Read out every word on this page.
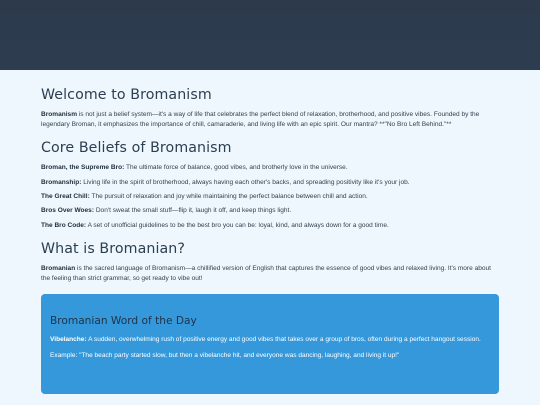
Welcome to Bromanism

Bromanism is not just a belief system—it's a way of life that celebrates the perfect blend of relaxation, brotherhood, and positive vibes. Founded by the legendary Broman, it emphasizes the importance of chill, camaraderie, and living life with an epic spirit. Our mantra? **"No Bro Left Behind."**

Core Beliefs of Bromanism
Broman, the Supreme Bro: The ultimate force of balance, good vibes, and brotherly love in the universe.
Bromanship: Living life in the spirit of brotherhood, always having each other's backs, and spreading positivity like it's your job.
The Great Chill: The pursuit of relaxation and joy while maintaining the perfect balance between chill and action.
Bros Over Woes: Don't sweat the small stuff—flip it, laugh it off, and keep things light.
The Bro Code: A set of unofficial guidelines to be the best bro you can be: loyal, kind, and always down for a good time.
What is Bromanian?

Bromanian is the sacred language of Bromanism—a chillified version of English that captures the essence of good vibes and relaxed living. It's more about the feeling than strict grammar, so get ready to vibe out!

Bromanian Word of the Day

Vibelanche: A sudden, overwhelming rush of positive energy and good vibes that takes over a group of bros, often during a perfect hangout session.

Example: "The beach party started slow, but then a vibelanche hit, and everyone was dancing, laughing, and living it up!"
